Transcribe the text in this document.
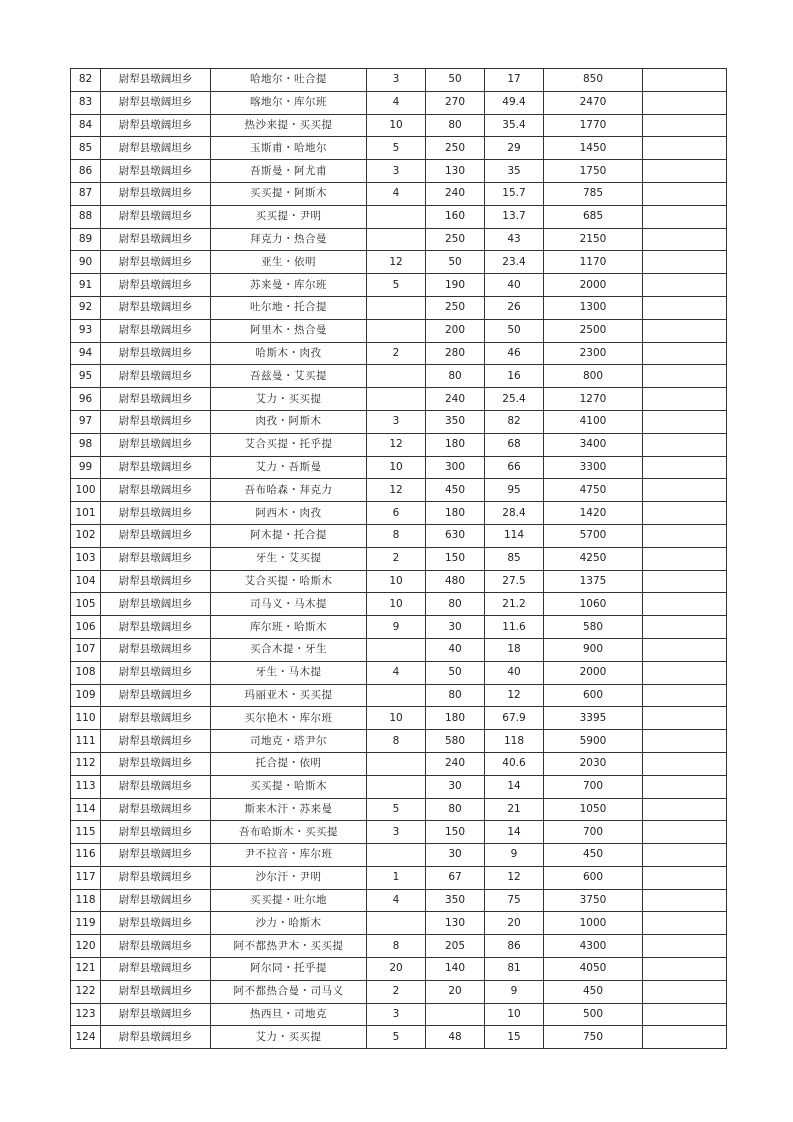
82	尉犁县墩阔坦乡	哈地尔・吐合提	3	50	17	850	
83	尉犁县墩阔坦乡	喀地尔・库尔班	4	270	49.4	2470	
84	尉犁县墩阔坦乡	热沙来提・买买提	10	80	35.4	1770	
85	尉犁县墩阔坦乡	玉斯甫・哈地尔	5	250	29	1450	
86	尉犁县墩阔坦乡	吾斯曼・阿尤甫	3	130	35	1750	
87	尉犁县墩阔坦乡	买买提・阿斯木	4	240	15.7	785	
88	尉犁县墩阔坦乡	买买提・尹明		160	13.7	685	
89	尉犁县墩阔坦乡	拜克力・热合曼		250	43	2150	
90	尉犁县墩阔坦乡	亚生・依明	12	50	23.4	1170	
91	尉犁县墩阔坦乡	苏来曼・库尔班	5	190	40	2000	
92	尉犁县墩阔坦乡	吐尔地・托合提		250	26	1300	
93	尉犁县墩阔坦乡	阿里木・热合曼		200	50	2500	
94	尉犁县墩阔坦乡	哈斯木・肉孜	2	280	46	2300	
95	尉犁县墩阔坦乡	吾兹曼・艾买提		80	16	800	
96	尉犁县墩阔坦乡	艾力・买买提		240	25.4	1270	
97	尉犁县墩阔坦乡	肉孜・阿斯木	3	350	82	4100	
98	尉犁县墩阔坦乡	艾合买提・托乎提	12	180	68	3400	
99	尉犁县墩阔坦乡	艾力・吾斯曼	10	300	66	3300	
100	尉犁县墩阔坦乡	吾布哈森・拜克力	12	450	95	4750	
101	尉犁县墩阔坦乡	阿西木・肉孜	6	180	28.4	1420	
102	尉犁县墩阔坦乡	阿木提・托合提	8	630	114	5700	
103	尉犁县墩阔坦乡	牙生・艾买提	2	150	85	4250	
104	尉犁县墩阔坦乡	艾合买提・哈斯木	10	480	27.5	1375	
105	尉犁县墩阔坦乡	司马义・马木提	10	80	21.2	1060	
106	尉犁县墩阔坦乡	库尔班・哈斯木	9	30	11.6	580	
107	尉犁县墩阔坦乡	买合木提・牙生		40	18	900	
108	尉犁县墩阔坦乡	牙生・马木提	4	50	40	2000	
109	尉犁县墩阔坦乡	玛丽亚木・买买提		80	12	600	
110	尉犁县墩阔坦乡	买尔艳木・库尔班	10	180	67.9	3395	
111	尉犁县墩阔坦乡	司地克・塔尹尔	8	580	118	5900	
112	尉犁县墩阔坦乡	托合提・依明		240	40.6	2030	
113	尉犁县墩阔坦乡	买买提・哈斯木		30	14	700	
114	尉犁县墩阔坦乡	斯来木汗・苏来曼	5	80	21	1050	
115	尉犁县墩阔坦乡	吾布哈斯木・买买提	3	150	14	700	
116	尉犁县墩阔坦乡	尹不拉音・库尔班		30	9	450	
117	尉犁县墩阔坦乡	沙尔汗・尹明	1	67	12	600	
118	尉犁县墩阔坦乡	买买提・吐尔地	4	350	75	3750	
119	尉犁县墩阔坦乡	沙力・哈斯木		130	20	1000	
120	尉犁县墩阔坦乡	阿不都热尹木・买买提	8	205	86	4300	
121	尉犁县墩阔坦乡	阿尔同・托乎提	20	140	81	4050	
122	尉犁县墩阔坦乡	阿不都热合曼・司马义	2	20	9	450	
123	尉犁县墩阔坦乡	热西旦・司地克	3		10	500	
124	尉犁县墩阔坦乡	艾力・买买提	5	48	15	750	
